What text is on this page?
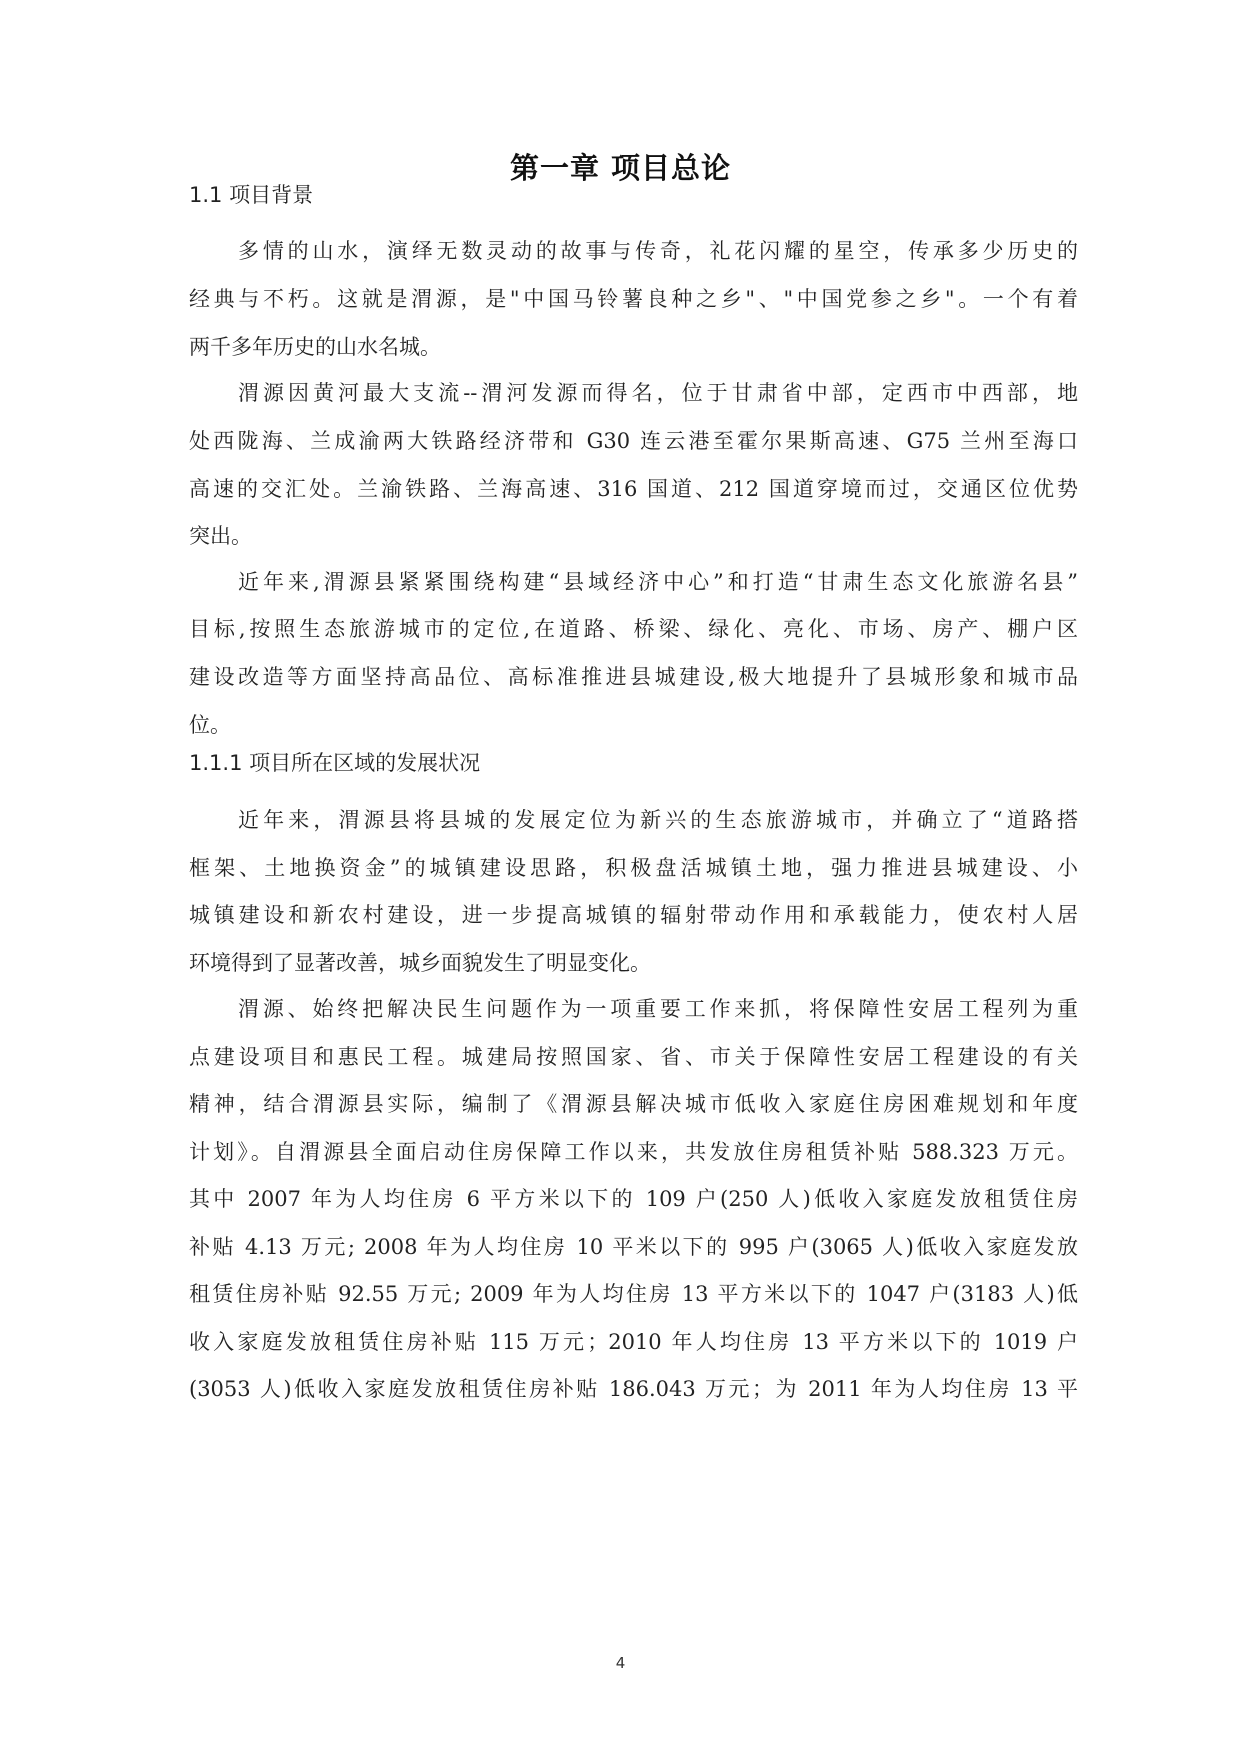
第一章 项目总论
1.1 项目背景
多情的山水，演绎无数灵动的故事与传奇，礼花闪耀的星空，传承多少历史的
经典与不朽。这就是渭源，是"中国马铃薯良种之乡"、"中国党参之乡"。一个有着
两千多年历史的山水名城。
渭源因黄河最大支流--渭河发源而得名，位于甘肃省中部，定西市中西部，地
处西陇海、兰成渝两大铁路经济带和 G30 连云港至霍尔果斯高速、G75 兰州至海口
高速的交汇处。兰渝铁路、兰海高速、316 国道、212 国道穿境而过，交通区位优势
突出。
近年来,渭源县紧紧围绕构建“县域经济中心”和打造“甘肃生态文化旅游名县”
目标,按照生态旅游城市的定位,在道路、桥梁、绿化、亮化、市场、房产、棚户区
建设改造等方面坚持高品位、高标准推进县城建设,极大地提升了县城形象和城市品
位。
1.1.1 项目所在区域的发展状况
近年来，渭源县将县城的发展定位为新兴的生态旅游城市，并确立了“道路搭
框架、土地换资金”的城镇建设思路，积极盘活城镇土地，强力推进县城建设、小
城镇建设和新农村建设，进一步提高城镇的辐射带动作用和承载能力，使农村人居
环境得到了显著改善，城乡面貌发生了明显变化。
渭源、始终把解决民生问题作为一项重要工作来抓，将保障性安居工程列为重
点建设项目和惠民工程。城建局按照国家、省、市关于保障性安居工程建设的有关
精神，结合渭源县实际，编制了《渭源县解决城市低收入家庭住房困难规划和年度
计划》。自渭源县全面启动住房保障工作以来，共发放住房租赁补贴 588.323 万元。
其中 2007 年为人均住房 6 平方米以下的 109 户(250 人)低收入家庭发放租赁住房
补贴 4.13 万元; 2008 年为人均住房 10 平米以下的 995 户(3065 人)低收入家庭发放
租赁住房补贴 92.55 万元; 2009 年为人均住房 13 平方米以下的 1047 户(3183 人)低
收入家庭发放租赁住房补贴 115 万元；2010 年人均住房 13 平方米以下的 1019 户
(3053 人)低收入家庭发放租赁住房补贴 186.043 万元；为 2011 年为人均住房 13 平
4
